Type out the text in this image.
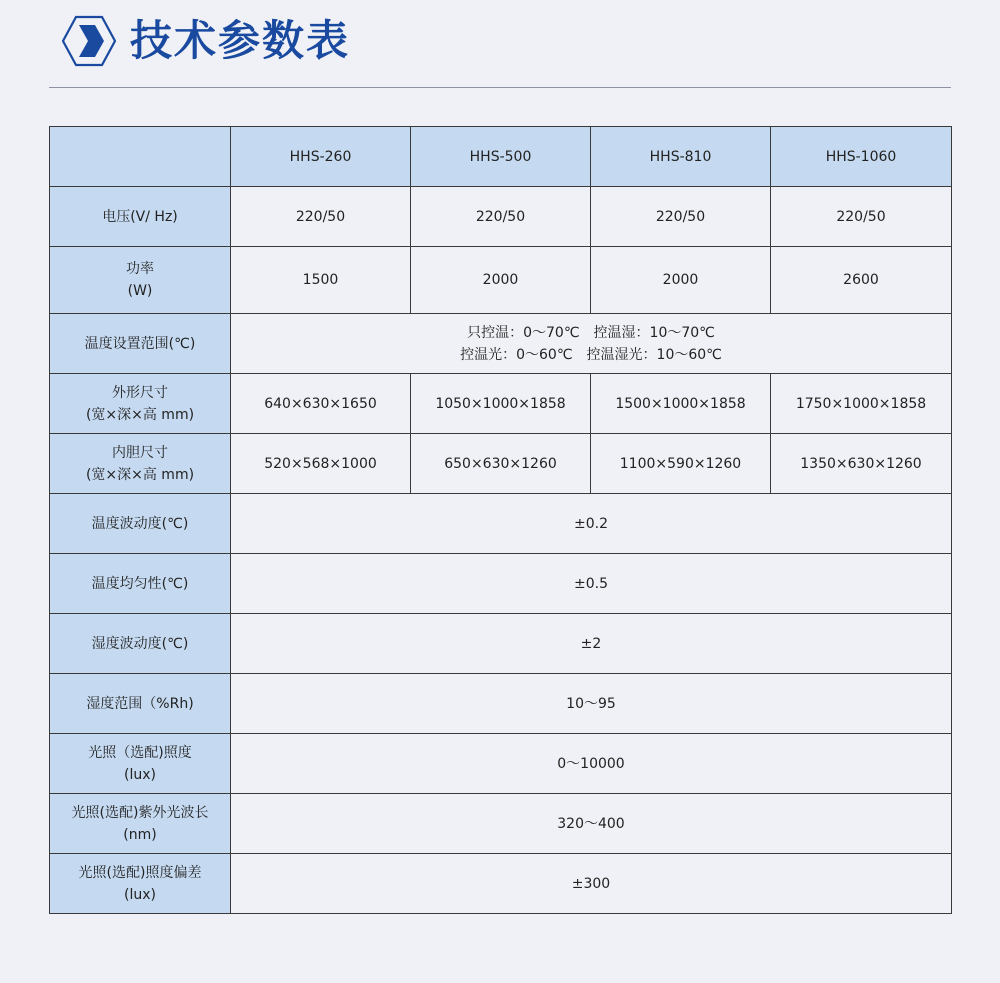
技术参数表
	HHS-260	HHS-500	HHS-810	HHS-1060
电压(V/ Hz)	220/50	220/50	220/50	220/50

功率
(W)	1500	2000	2000	2600
温度设置范围(℃)	只控温：0～70℃　控温湿：10～70℃
控温光：0～60℃　控温湿光：10～60℃			

外形尺寸
(宽×深×高 mm)	640×630×1650	1050×1000×1858	1500×1000×1858	1750×1000×1858

内胆尺寸
(宽×深×高 mm)	520×568×1000	650×630×1260	1100×590×1260	1350×630×1260
温度波动度(℃)	±0.2			
温度均匀性(℃)	±0.5			
湿度波动度(℃)	±2			
湿度范围（%Rh)	10～95			

光照（选配)照度
(lux)	0～10000			

光照(选配)紫外光波长
(nm)	320～400			

光照(选配)照度偏差
(lux)	±300			
